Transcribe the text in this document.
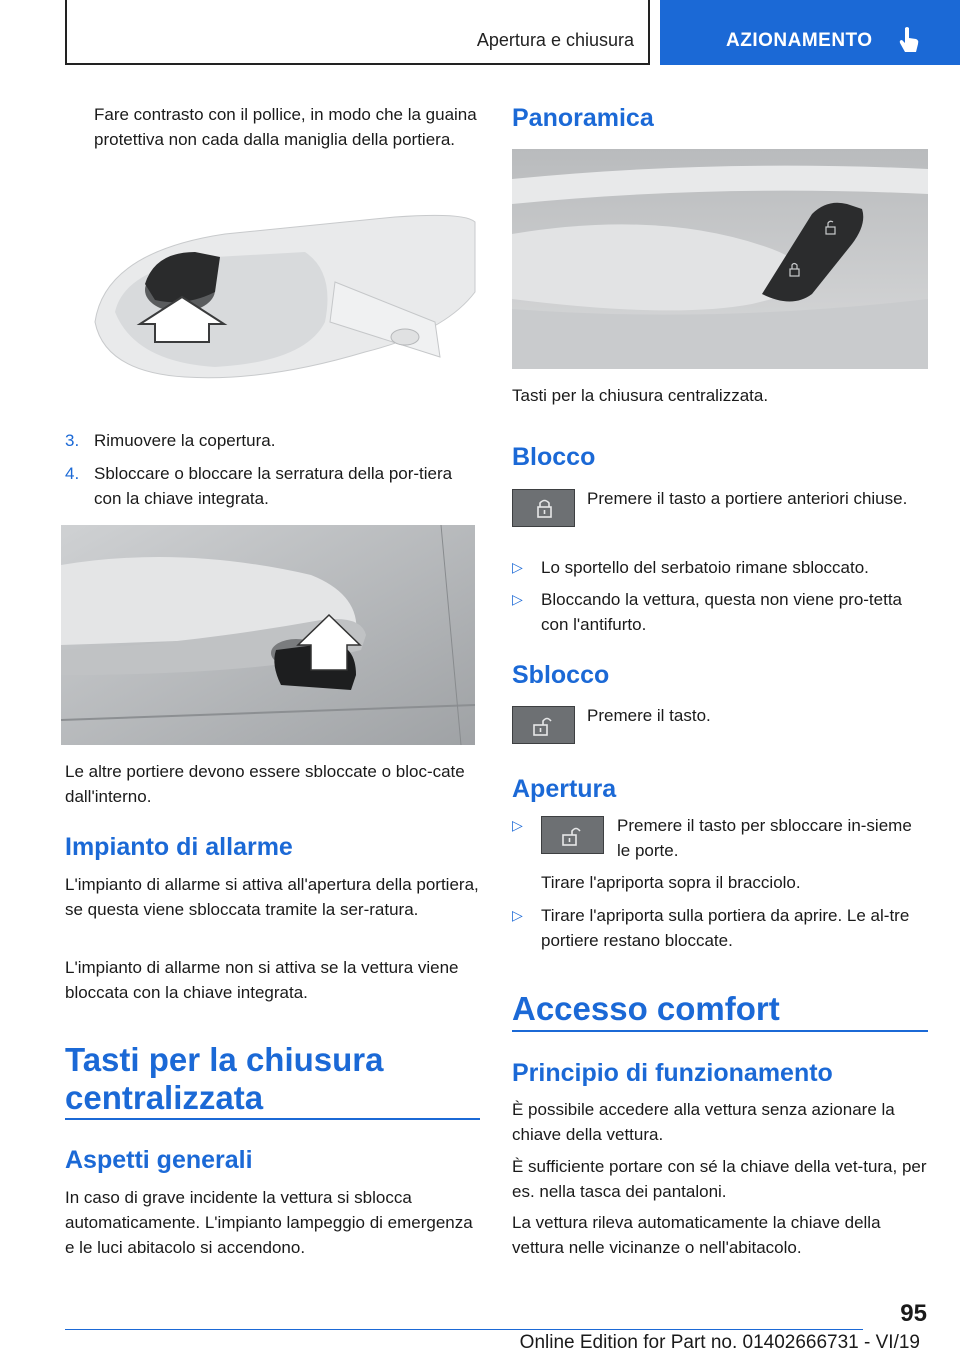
Apertura e chiusura	AZIONAMENTO
Fare contrasto con il pollice, in modo che la guaina protettiva non cada dalla maniglia della portiera.
3. Rimuovere la copertura.
4. Sbloccare o bloccare la serratura della por-tiera con la chiave integrata.
Le altre portiere devono essere sbloccate o bloc-cate dall'interno.
Impianto di allarme
L'impianto di allarme si attiva all'apertura della portiera, se questa viene sbloccata tramite la ser-ratura.
L'impianto di allarme non si attiva se la vettura viene bloccata con la chiave integrata.
Tasti per la chiusura centralizzata
Aspetti generali
In caso di grave incidente la vettura si sblocca automaticamente. L'impianto lampeggio di emergenza e le luci abitacolo si accendono.
Panoramica
Tasti per la chiusura centralizzata.
Blocco
Premere il tasto a portiere anteriori chiuse.
▷ Lo sportello del serbatoio rimane sbloccato.
▷ Bloccando la vettura, questa non viene pro-tetta con l'antifurto.
Sblocco
Premere il tasto.
Apertura
▷	Premere il tasto per sbloccare in-sieme le porte.
Tirare l'apriporta sopra il bracciolo.
▷ Tirare l'apriporta sulla portiera da aprire. Le al-tre portiere restano bloccate.
Accesso comfort
Principio di funzionamento
È possibile accedere alla vettura senza azionare la chiave della vettura.
È sufficiente portare con sé la chiave della vet-tura, per es. nella tasca dei pantaloni.
La vettura rileva automaticamente la chiave della vettura nelle vicinanze o nell'abitacolo.
95
Online Edition for Part no. 01402666731 - VI/19
